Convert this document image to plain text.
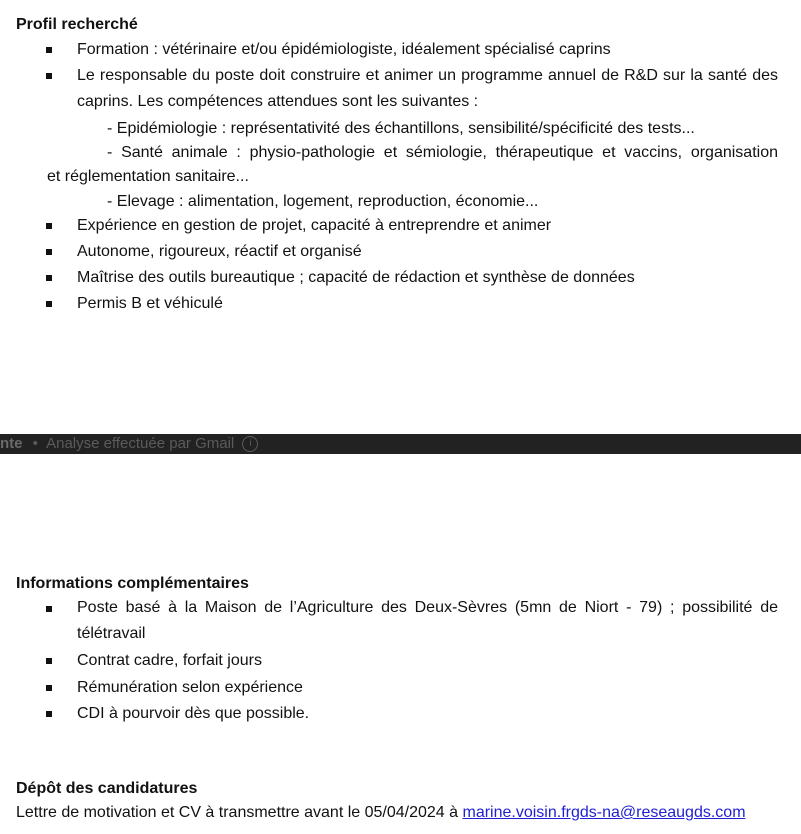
Profil recherché
Formation : vétérinaire et/ou épidémiologiste, idéalement spécialisé caprins
Le responsable du poste doit construire et animer un programme annuel de R&D sur la santé des caprins. Les compétences attendues sont les suivantes :
- Epidémiologie : représentativité des échantillons, sensibilité/spécificité des tests...
- Santé animale : physio-pathologie et sémiologie, thérapeutique et vaccins, organisation
et réglementation sanitaire...
- Elevage : alimentation, logement, reproduction, économie...
Expérience en gestion de projet, capacité à entreprendre et animer
Autonome, rigoureux, réactif et organisé
Maîtrise des outils bureautique ; capacité de rédaction et synthèse de données
Permis B et véhiculé
nte • Analyse effectuée par Gmail i
Informations complémentaires
Poste basé à la Maison de l’Agriculture des Deux-Sèvres (5mn de Niort - 79) ; possibilité de télétravail
Contrat cadre, forfait jours
Rémunération selon expérience
CDI à pourvoir dès que possible.
Dépôt des candidatures
Lettre de motivation et CV à transmettre avant le 05/04/2024 à marine.voisin.frgds-na@reseaugds.com
